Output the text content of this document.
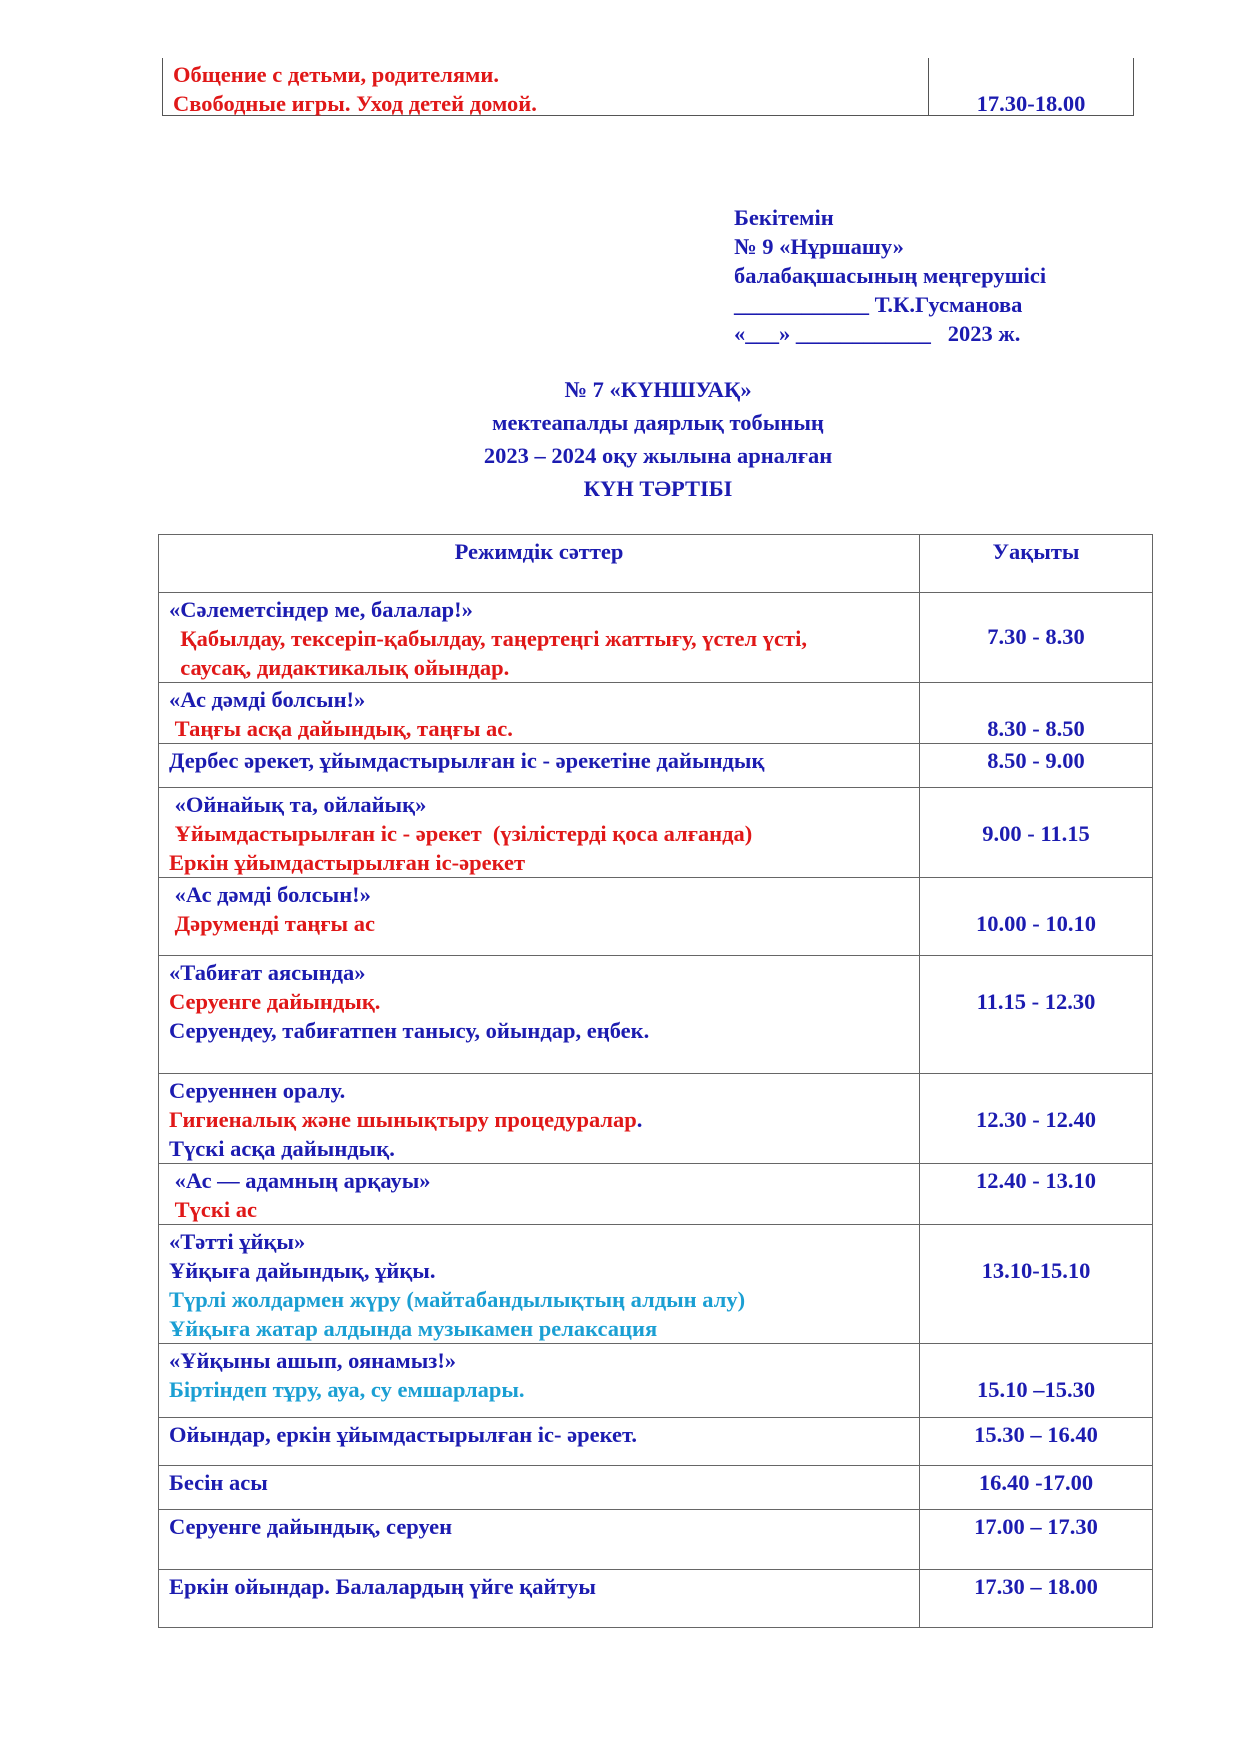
Общение с детьми, родителями.
Свободные игры. Уход детей домой.	17.30-18.00
Бекітемін
№ 9 «Нұршашу»
балабақшасының меңгерушісі
____________ Т.К.Гусманова
«___» ____________   2023 ж.
№ 7 «КҮНШУАҚ»
мектеапалды даярлық тобының
2023 – 2024 оқу жылына арналған
КҮН ТӘРТІБІ
Режимдік сәттер	Уақыты

«Сәлеметсіндер ме, балалар!»
Қабылдау, тексеріп-қабылдау, таңертеңгі жаттығу, үстел үсті,
саусақ, дидактикалық ойындар.	7.30 - 8.30

«Ас дәмді болсын!»
Таңғы асқа дайындық, таңғы ас.	8.30 - 8.50

Дербес әрекет, ұйымдастырылған іс - әрекетіне дайындық	8.50 - 9.00

«Ойнайық та, ойлайық»
Ұйымдастырылған іс - әрекет  (үзілістерді қоса алғанда)
Еркін ұйымдастырылған іс-әрекет	9.00 - 11.15

«Ас дәмді болсын!»
Дәруменді таңғы ас	10.00 - 10.10

«Табиғат аясында»
Серуенге дайындық.
Серуендеу, табиғатпен танысу, ойындар, еңбек.	11.15 - 12.30

Серуеннен оралу.
Гигиеналық және шынықтыру процедуралар.
Түскі асқа дайындық.	12.30 - 12.40

«Ас — адамның арқауы»
Түскі ас	12.40 - 13.10

«Тәтті ұйқы»
Ұйқыға дайындық, ұйқы.
Түрлі жолдармен жүру (майтабандылықтың алдын алу)
Ұйқыға жатар алдында музыкамен релаксация	13.10-15.10

«Ұйқыны ашып, оянамыз!»
Біртіндеп тұру, ауа, су емшарлары.	15.10 –15.30

Ойындар, еркін ұйымдастырылған іс- әрекет.	15.30 – 16.40

Бесін асы	16.40 -17.00

Серуенге дайындық, серуен	17.00 – 17.30

Еркін ойындар. Балалардың үйге қайтуы	17.30 – 18.00
